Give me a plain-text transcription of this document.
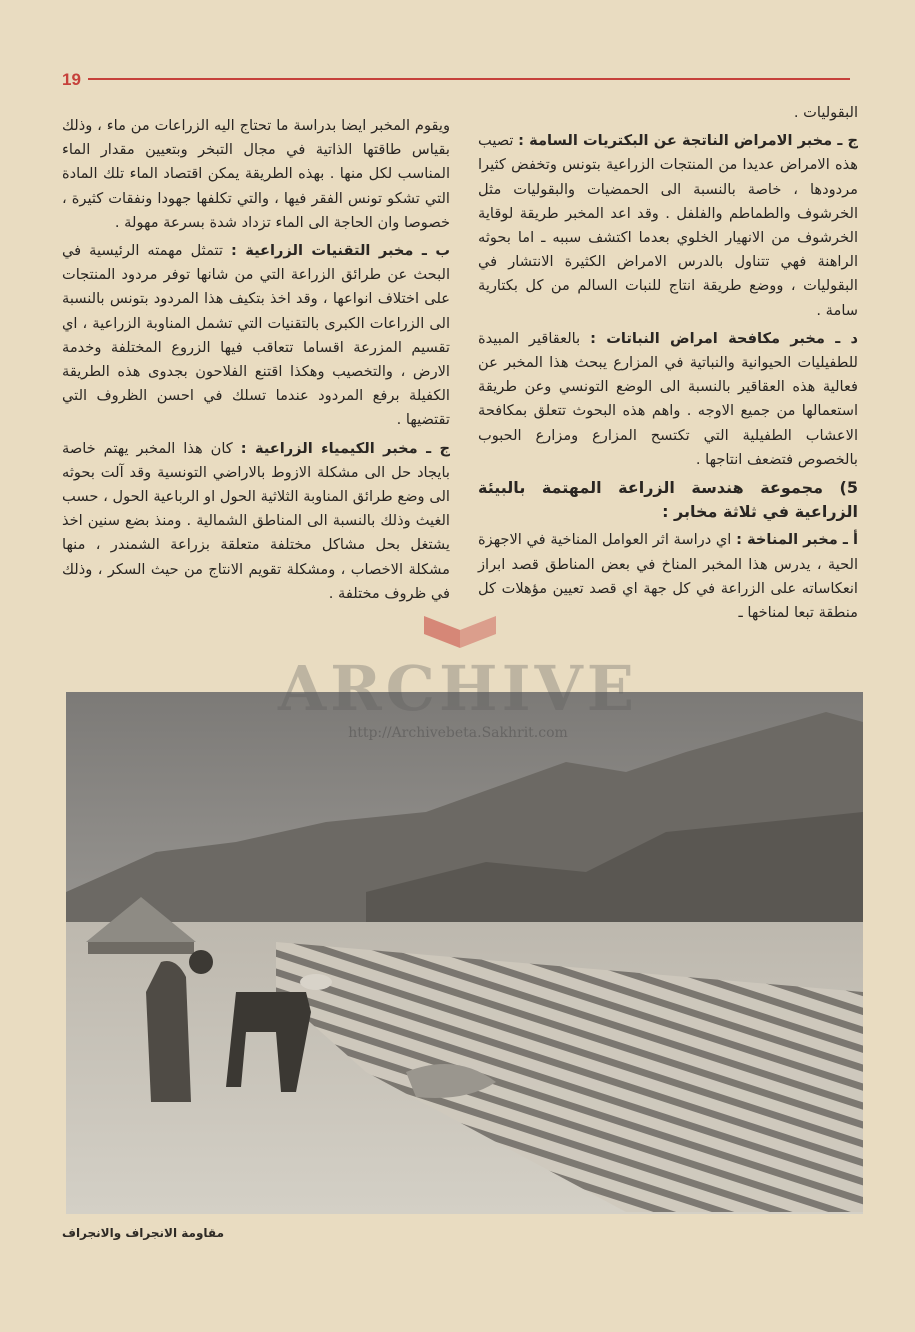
19

البقوليات .

ج ـ مخبر الامراض الناتجة عن البكتريات السامة : تصيب هذه الامراض عديدا من المنتجات الزراعية بتونس وتخفض كثيرا مردودها ، خاصة بالنسبة الى الحمضيات والبقوليات مثل الخرشوف والطماطم والفلفل . وقد اعد المخبر طريقة لوقاية الخرشوف من الانهيار الخلوي بعدما اكتشف سببه ـ اما بحوثه الراهنة فهي تتناول بالدرس الامراض الكثيرة الانتشار في البقوليات ، ووضع طريقة انتاج للنبات السالم من كل بكتارية سامة .

د ـ مخبر مكافحة امراض النباتات : بالعقاقير المبيدة للطفيليات الحيوانية والنباتية في المزارع يبحث هذا المخبر عن فعالية هذه العقاقير بالنسبة الى الوضع التونسي وعن طريقة استعمالها من جميع الاوجه . واهم هذه البحوث تتعلق بمكافحة الاعشاب الطفيلية التي تكتسح المزارع ومزارع الحبوب بالخصوص فتضعف انتاجها .

5) مجموعة هندسة الزراعة المهتمة بالبيئة الزراعية في ثلاثة مخابر :

أ ـ مخبر المناخة : اي دراسة اثر العوامل المناخية في الاجهزة الحية ، يدرس هذا المخبر المناخ في بعض المناطق قصد ابراز انعكاساته على الزراعة في كل جهة اي قصد تعيين مؤهلات كل منطقة تبعا لمناخها ـ

ويقوم المخبر ايضا بدراسة ما تحتاج اليه الزراعات من ماء ، وذلك بقياس طاقتها الذاتية في مجال التبخر وبتعيين مقدار الماء المناسب لكل منها . بهذه الطريقة يمكن اقتصاد الماء تلك المادة التي تشكو تونس الفقر فيها ، والتي تكلفها جهودا ونفقات كثيرة ، خصوصا وان الحاجة الى الماء تزداد شدة بسرعة مهولة .

ب ـ مخبر التقنيات الزراعية : تتمثل مهمته الرئيسية في البحث عن طرائق الزراعة التي من شانها توفر مردود المنتجات على اختلاف انواعها ، وقد اخذ بتكيف هذا المردود بتونس بالنسبة الى الزراعات الكبرى بالتقنيات التي تشمل المناوبة الزراعية ، اي تقسيم المزرعة اقساما تتعاقب فيها الزروع المختلفة وخدمة الارض ، والتخصيب وهكذا اقتنع الفلاحون بجدوى هذه الطريقة الكفيلة برفع المردود عندما تسلك في احسن الظروف التي تقتضيها .

ج ـ مخبر الكيمياء الزراعية : كان هذا المخبر يهتم خاصة بايجاد حل الى مشكلة الازوط بالاراضي التونسية وقد آلت بحوثه الى وضع طرائق المناوبة الثلاثية الحول او الرباعية الحول ، حسب الغيث وذلك بالنسبة الى المناطق الشمالية . ومنذ بضع سنين اخذ يشتغل بحل مشاكل مختلفة متعلقة بزراعة الشمندر ، منها مشكلة الاخصاب ، ومشكلة تقويم الانتاج من حيث السكر ، وذلك في ظروف مختلفة .

ARCHIVE
http://Archivebeta.Sakhrit.com
مقاومة الانجراف والانجراف
